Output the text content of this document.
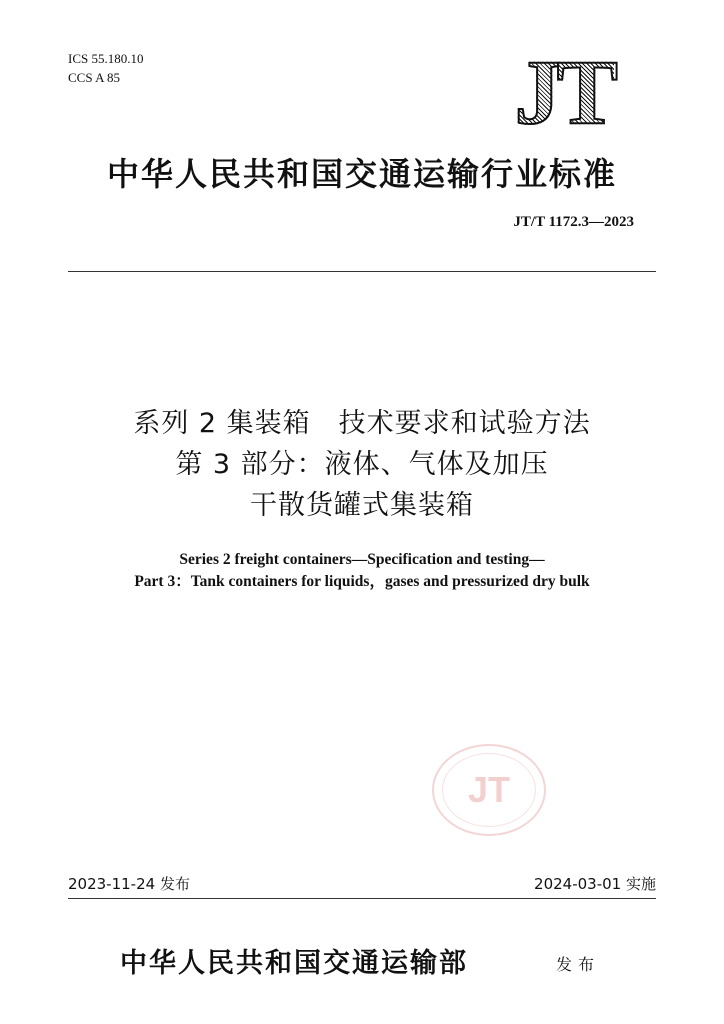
ICS 55.180.10
CCS A 85	JT
中华人民共和国交通运输行业标准
JT/T 1172.3—2023
系列 2 集装箱　技术要求和试验方法
第 3 部分：液体、气体及加压
干散货罐式集装箱
Series 2 freight containers—Specification and testing—
Part 3：Tank containers for liquids，gases and pressurized dry bulk
JT
2023-11-24 发布	2024-03-01 实施
中华人民共和国交通运输部	发布
